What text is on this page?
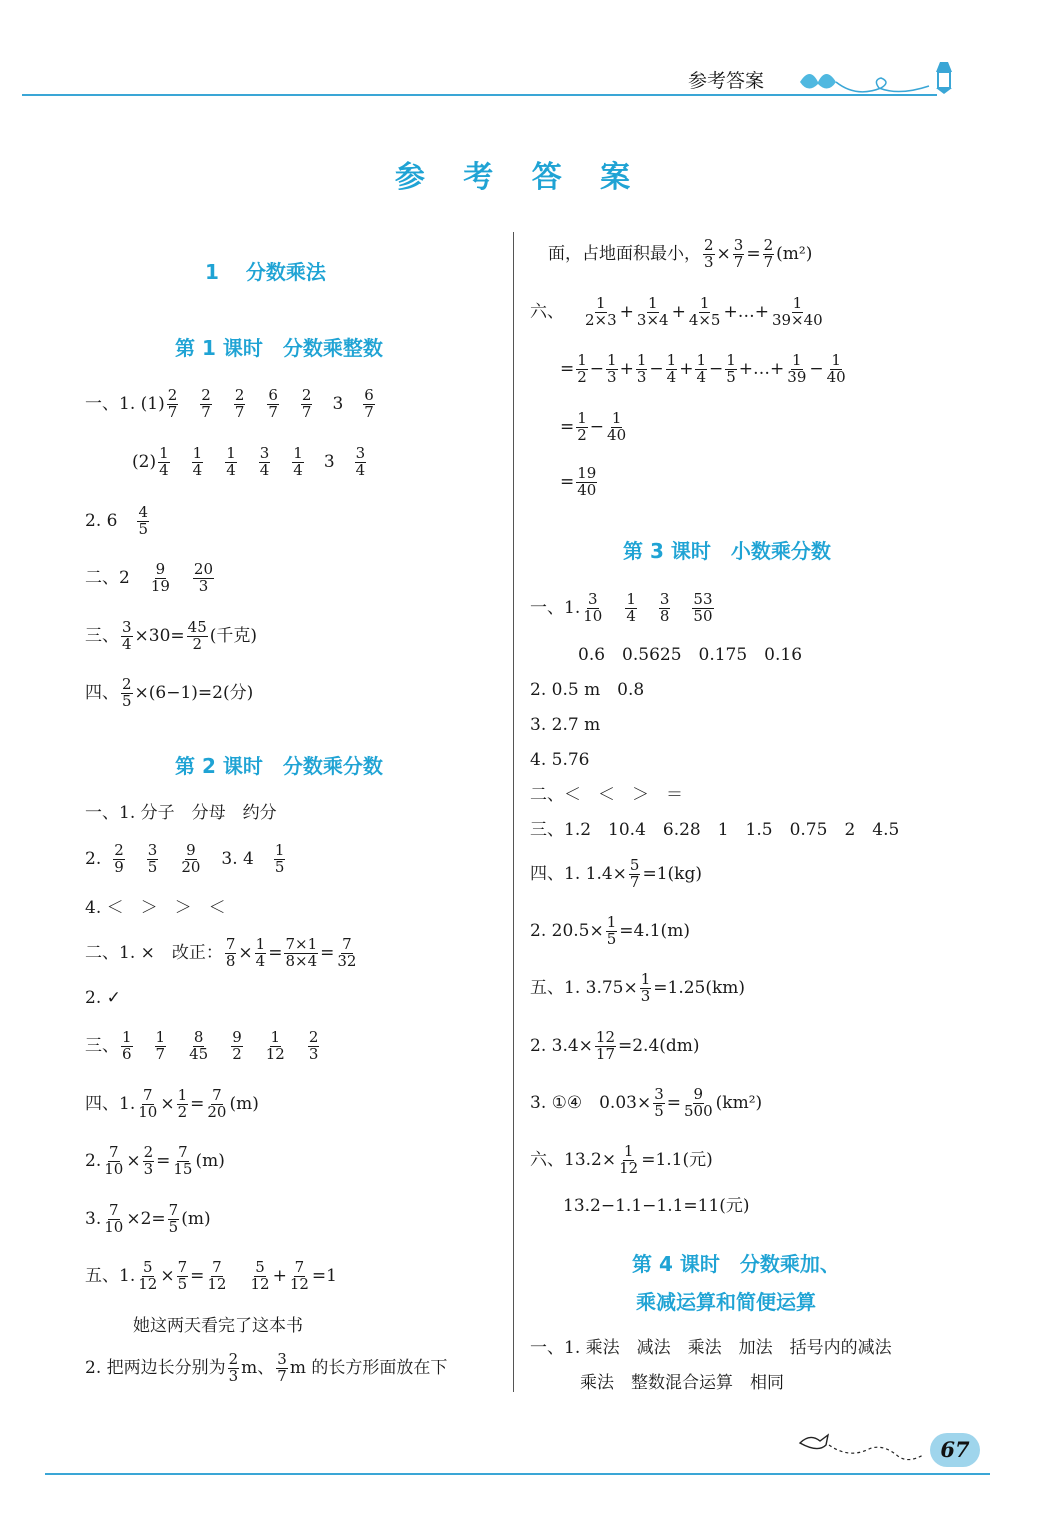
参考答案
参 考 答 案
1　 分数乘法
第 1 课时　分数乘整数
一、1. $(1) \frac{2}{7} \frac{2}{7} \frac{2}{7} \frac{6}{7} \frac{2}{7} 3 \frac{6}{7}$
$(2) \frac{1}{4} \frac{1}{4} \frac{1}{4} \frac{3}{4} \frac{1}{4} 3 \frac{3}{4}$
2. $6 \frac{4}{5}$
二、$2 \frac{9}{19} \frac{20}{3}$
三、 $\frac{3}{4} \times 30= \frac{45}{2}$ (千克)
四、 $\frac{2}{5} \times(6-1)=2$(分)
第 2 课时　分数乘分数
一、1. 分子　分母　约分
2. $\frac{2}{9} \frac{3}{5} \frac{9}{20} 3$. $4 \frac{1}{5}$
4. ＜　＞　＞　＜
二、1. ×　改正： $\frac{7}{8} \times \frac{1}{4} = \frac{7\times 1}{8\times 4} = \frac{7}{32}$
2. ✓
三、 $\frac{1}{6} \frac{1}{7} \frac{8}{45} \frac{9}{2} \frac{1}{12} \frac{2}{3}$
四、1. $\frac{7}{10} \times \frac{1}{2} = \frac{7}{20} (m)$
2. $\frac{7}{10} \times \frac{2}{3} = \frac{7}{15} (m)$
3. $\frac{7}{10} \times 2= \frac{7}{5} (m)$
五、1. $\frac{5}{12} \times \frac{7}{5} = \frac{7}{12} \frac{5}{12} + \frac{7}{12} =1$
她这两天看完了这本书
2. 把两边长分别为 $\frac{2}{3}$ m、 $\frac{3}{7}$ m 的长方形面放在下
面，占地面积最小， $\frac{2}{3} \times \frac{3}{7} = \frac{2}{7} (m^2)$
六、 $\frac{1}{2\times 3} + \frac{1}{3\times 4} + \frac{1}{4\times 5}$ +…+ $\frac{1}{39\times 40}$
= $\frac{1}{2} - \frac{1}{3} + \frac{1}{3} - \frac{1}{4} + \frac{1}{4} - \frac{1}{5}$ +…+ $\frac{1}{39} - \frac{1}{40}$
= $\frac{1}{2} - \frac{1}{40}$
= $\frac{19}{40}$
第 3 课时　小数乘分数
一、1. $\frac{3}{10} \frac{1}{4} \frac{3}{8} \frac{53}{50}$
0.6　0.5625　0.175　0.16
2. 0.5 m　0.8
3. 2.7 m
4. 5.76
二、＜　＜　＞　＝
三、1.2　10.4　6.28　1　1.5　0.75　2　4.5
四、1. $1.4\times \frac{5}{7} =1(kg)$
2. $20.5\times \frac{1}{5} =4.1(m)$
五、1. $3.75\times \frac{1}{3} =1.25(km)$
2. $3.4\times \frac{12}{17} =2.4(dm)$
3. ①④　$0.03\times \frac{3}{5} = \frac{9}{500} (km^2)$
六、$13.2\times \frac{1}{12} =1.1$(元)
13.2−1.1−1.1=11(元)
第 4 课时　分数乘加、
乘减运算和简便运算
一、1. 乘法　减法　乘法　加法　括号内的减法
乘法　整数混合运算　相同
67
